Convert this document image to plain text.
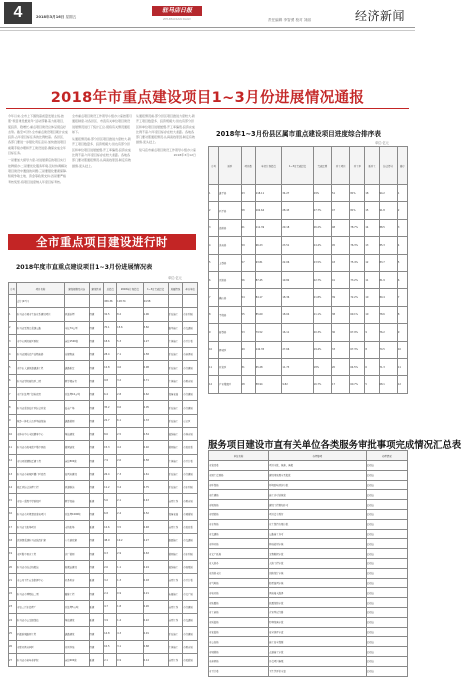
4	2018年3月16日 星期五
驻马店日报
ZHUMADIAN DAILY	责任编辑 李智勇 校对 刘丽	经济新闻
2018年市重点建设项目1~3月份进展情况通报
今年以来,全市上下围绕高质量发展主线,按照“项目建设推进年”活动部署,着力抓项目、促投资、稳增长,重点项目建设总体呈现良好态势。截至3月份,全市重点建设项目累计完成投资,占年度目标任务的比例较高。各县区、各部门要进一步强化责任意识,加快推进项目前期手续办理和开工建设进度,确保完成全年目标任务。
一是要加大督导力度,对进展滞后的项目实行挂牌督办;二是要优化服务环境,及时协调解决项目建设中遇到的问题;三是要强化要素保障,积极争取土地、资金等政策支持;四是要严格考核奖惩,将项目进度纳入年度目标考核。
全市重点项目建设工作领导小组办公室按照月通报制度,对各县区、市直有关单位项目建设进展情况进行了统计汇总,现将有关情况通报如下。
从通报情况看,部分县区项目推进力度较大,新开工项目数量多、投资规模大;但也有部分县区和单位项目进展缓慢,开工率偏低,投资完成比例不高,与年度目标存在较大差距。各地各部门要对照通报情况,认真查找原因,制定有效措施,迎头赶上。
从通报情况看,部分县区项目推进力度较大,新开工项目数量多、投资规模大;但也有部分县区和单位项目进展缓慢,开工率偏低,投资完成比例不高,与年度目标存在较大差距。各地各部门要对照通报情况,认真查找原因,制定有效措施,迎头赶上。
驻马店市重点项目建设工作领导小组办公室
2018年3月12日
全市重点项目建设进行时
2018年1~3月份县区属市重点建设项目进度综合排序表
单位:亿元
序号	县区	项目数	年度计划投资	1~3月完成投资	完成比例	开工项目	开工率	新开工	综合得分	排序
1	遂平县	63	118.11	34.27	29%	51	81%	18	94.2	1
2	西平县	58	102.64	28.43	27.7%	47	81%	15	91.8	2
3	泌阳县	61	111.39	29.18	26.2%	48	78.7%	14	88.5	3
4	汝南县	59	96.23	23.51	24.4%	45	76.3%	13	85.3	4
5	上蔡县	57	93.81	22.06	23.5%	43	75.4%	12	83.7	5
6	正阳县	56	87.45	19.82	22.7%	41	73.2%	11	81.9	6
7	确山县	54	84.17	18.36	21.8%	39	72.2%	10	80.4	7
8	平舆县	55	85.69	18.04	21.1%	38	69.1%	10	78.6	8
9	新蔡县	53	79.52	16.11	20.3%	36	67.9%	9	76.2	9
10	驿城区	49	142.35	27.66	19.4%	33	67.3%	8	74.5	10
11	开发区	31	65.28	11.73	18%	20	64.5%	6	71.3	11
12	产业集聚区	28	58.94	9.82	16.7%	17	60.7%	5	68.1	12
2018年度市直重点建设项目1~3月份进展情况表
单位:亿元
序号	项目名称	建设规模及内容	建设性质	总投资	2018年计划投资	1~3月完成投资	进展情况	牵头单位
	合计(27个)			456.36	118.74	24.58		
1	驻马店市城市生态水系建设项目	河道治理	续建	32.5	8.2	1.96	正在施工	市水利局
2	驻马店至周口高速公路	全长74公里	续建	70.1	15.6	3.82	路基施工	市交通局
3	市中心医院新区医院	床位1500张	续建	18.6	5.3	1.27	主体施工	市卫计委
4	驻马店国际农产品物流港	仓储物流	续建	28.4	7.1	1.58	正在施工	市商务局
5	天中山大道快速通道工程	道路拓宽	续建	12.8	4.6	0.98	正在施工	市住建局
6	驻马店学院新校区二期	教学楼宿舍	续建	9.8	3.2	0.71	主体施工	市教育局
7	市污水处理厂提标改造	日处理10万吨	续建	6.4	2.8	0.62	设备安装	市住建局
8	驻马店高铁站片区综合开发	站前广场	续建	35.2	9.6	2.05	正在施工	市住建局
9	城乡一体化示范区基础设施	道路管网	续建	22.7	6.1	1.33	正在施工	示范区
10	市体育中心全民健身中心	场馆建设	续建	8.6	2.5	0.54	装饰施工	市体育局
11	驻马店市热电联产集中供热	管网铺设	续建	15.3	4.2	0.92	管网施工	市发改委
12	市妇幼保健院迁建工程	床位800张	续建	7.9	2.6	0.58	主体施工	市卫计委
13	驻马店市老城区棚户区改造	安置房建设	续建	26.4	7.3	1.61	正在施工	市住建局
14	练江河综合治理工程	河道整治	续建	11.2	3.4	0.75	正在施工	市水利局
15	市第一高级中学新校区	教学设施	新建	5.6	2.1	0.43	前期工作	市教育局
16	驻马店市垃圾焚烧发电项目	日处理1000吨	续建	6.8	2.4	0.52	设备安装	市城管局
17	驻马店飞机场项目	支线机场	新建	12.6	3.5	0.48	前期工作	市发改委
18	京港澳高速驻马店段改扩建	八车道改建	续建	48.9	10.2	2.27	路面施工	市交通局
19	市区集中供水工程	水厂管网	续建	9.3	2.9	0.63	管网施工	市水利局
20	驻马店市综合档案馆	档案馆建设	续建	2.6	1.1	0.24	装饰施工	市档案局
21	市公共卫生应急指挥中心	业务用房	新建	3.2	1.3	0.18	前期工作	市卫计委
22	驻马店市博物馆二期	展陈工程	续建	2.4	0.9	0.21	布展施工	市文广局
23	市第三污水处理厂	日处理5万吨	新建	4.7	1.8	0.26	前期工作	市住建局
24	驻马店市公交枢纽站	场站建设	新建	3.9	1.4	0.22	前期工作	市交通局
25	西部新城路网工程	道路建设	续建	14.8	4.3	0.91	正在施工	市住建局
26	市职业教育园区	实训基地	续建	10.5	3.1	0.68	主体施工	市教育局
27	驻马店市老年养护院	床位600张	新建	2.1	0.9	0.14	前期工作	市民政局
服务项目建设市直有关单位各类服务审批事项完成情况汇总表
单位名称	办理事项	办理情况
市发改委	项目审批、核准、备案	已办结
市国土资源局	建设用地预审及报批	已办结
市环保局	环境影响评价审批	已办结
市住建局	施工许可证核发	已办结
市规划局	建设工程规划许可	已办结
市财政局	项目资金拨付	已办结
市水利局	水土保持方案审批	已办结
市交通局	公路施工许可	已办结
市林业局	林地使用审核	已办结
市文广新局	文物勘探审批	已办结
市人防办	人防工程审批	已办结
市消防支队	消防设计审核	已办结
市气象局	防雷装置审核	已办结
市电业局	供电接入服务	已办结
市地震局	抗震设防审批	已办结
市工商局	企业登记注册	已办结
市质监局	特种设备审批	已办结
市安监局	安全条件审查	已办结
市公安局	施工安全保障	已办结
市城管局	占道施工审批	已办结
市商务局	外资项目备案	已办结
市卫计委	卫生学评价审查	已办结
